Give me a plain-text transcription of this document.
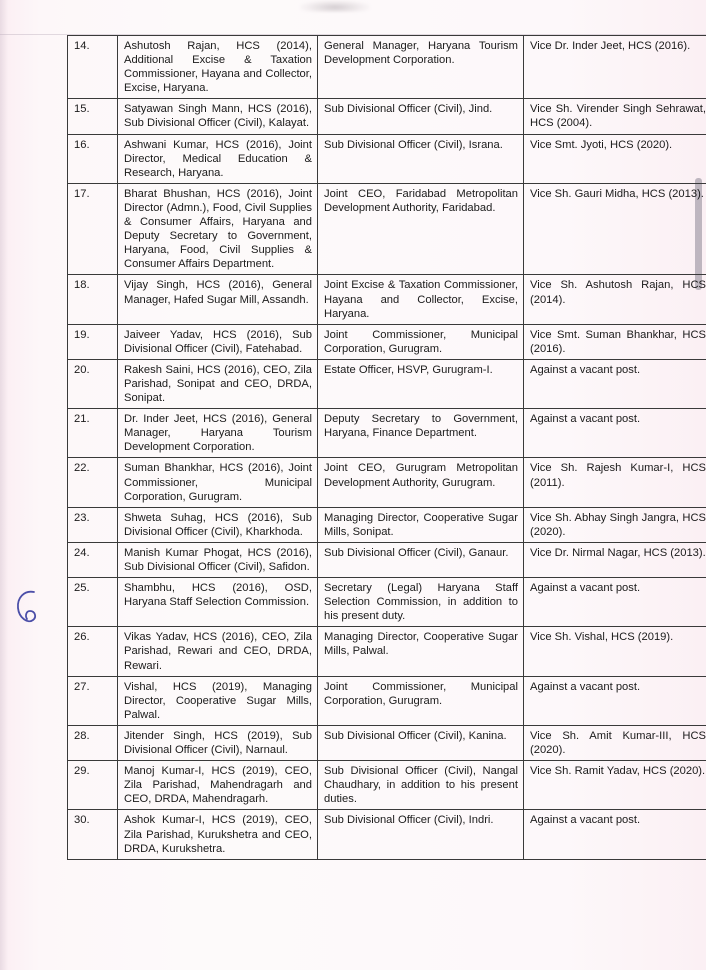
14.	Ashutosh Rajan, HCS (2014), Additional Excise & Taxation Commissioner, Hayana and Collector, Excise, Haryana.	General Manager, Haryana Tourism Development Corporation.	Vice Dr. Inder Jeet, HCS (2016).
15.	Satyawan Singh Mann, HCS (2016), Sub Divisional Officer (Civil), Kalayat.	Sub Divisional Officer (Civil), Jind.	Vice Sh. Virender Singh Sehrawat, HCS (2004).
16.	Ashwani Kumar, HCS (2016), Joint Director, Medical Education & Research, Haryana.	Sub Divisional Officer (Civil), Israna.	Vice Smt. Jyoti, HCS (2020).
17.	Bharat Bhushan, HCS (2016), Joint Director (Admn.), Food, Civil Supplies & Consumer Affairs, Haryana and Deputy Secretary to Government, Haryana, Food, Civil Supplies & Consumer Affairs Department.	Joint CEO, Faridabad Metropolitan Development Authority, Faridabad.	Vice Sh. Gauri Midha, HCS (2013).
18.	Vijay Singh, HCS (2016), General Manager, Hafed Sugar Mill, Assandh.	Joint Excise & Taxation Commissioner, Hayana and Collector, Excise, Haryana.	Vice Sh. Ashutosh Rajan, HCS (2014).
19.	Jaiveer Yadav, HCS (2016), Sub Divisional Officer (Civil), Fatehabad.	Joint Commissioner, Municipal Corporation, Gurugram.	Vice Smt. Suman Bhankhar, HCS (2016).
20.	Rakesh Saini, HCS (2016), CEO, Zila Parishad, Sonipat and CEO, DRDA, Sonipat.	Estate Officer, HSVP, Gurugram-I.	Against a vacant post.
21.	Dr. Inder Jeet, HCS (2016), General Manager, Haryana Tourism Development Corporation.	Deputy Secretary to Government, Haryana, Finance Department.	Against a vacant post.
22.	Suman Bhankhar, HCS (2016), Joint Commissioner, Municipal Corporation, Gurugram.	Joint CEO, Gurugram Metropolitan Development Authority, Gurugram.	Vice Sh. Rajesh Kumar-I, HCS (2011).
23.	Shweta Suhag, HCS (2016), Sub Divisional Officer (Civil), Kharkhoda.	Managing Director, Cooperative Sugar Mills, Sonipat.	Vice Sh. Abhay Singh Jangra, HCS (2020).
24.	Manish Kumar Phogat, HCS (2016), Sub Divisional Officer (Civil), Safidon.	Sub Divisional Officer (Civil), Ganaur.	Vice Dr. Nirmal Nagar, HCS (2013).
25.	Shambhu, HCS (2016), OSD, Haryana Staff Selection Commission.	Secretary (Legal) Haryana Staff Selection Commission, in addition to his present duty.	Against a vacant post.
26.	Vikas Yadav, HCS (2016), CEO, Zila Parishad, Rewari and CEO, DRDA, Rewari.	Managing Director, Cooperative Sugar Mills, Palwal.	Vice Sh. Vishal, HCS (2019).
27.	Vishal, HCS (2019), Managing Director, Cooperative Sugar Mills, Palwal.	Joint Commissioner, Municipal Corporation, Gurugram.	Against a vacant post.
28.	Jitender Singh, HCS (2019), Sub Divisional Officer (Civil), Narnaul.	Sub Divisional Officer (Civil), Kanina.	Vice Sh. Amit Kumar-III, HCS (2020).
29.	Manoj Kumar-I, HCS (2019), CEO, Zila Parishad, Mahendragarh and CEO, DRDA, Mahendragarh.	Sub Divisional Officer (Civil), Nangal Chaudhary, in addition to his present duties.	Vice Sh. Ramit Yadav, HCS (2020).
30.	Ashok Kumar-I, HCS (2019), CEO, Zila Parishad, Kurukshetra and CEO, DRDA, Kurukshetra.	Sub Divisional Officer (Civil), Indri.	Against a vacant post.
